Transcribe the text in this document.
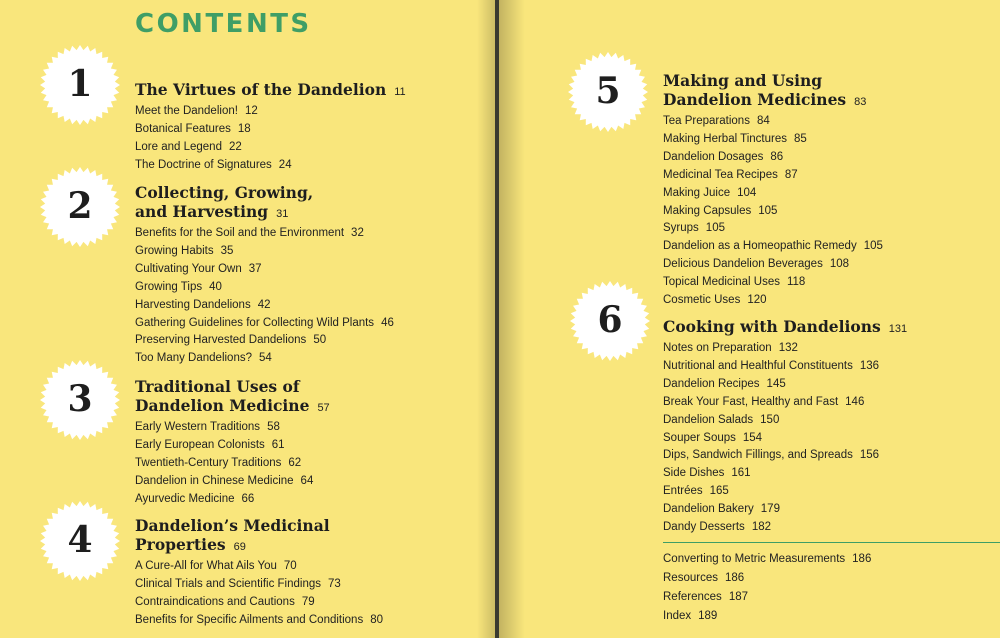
CONTENTS
Converting to Metric Measurements 186
Resources 186
References 187
Index 189
1	The Virtues of the Dandelion 11
Meet the Dandelion! 12
Botanical Features 18
Lore and Legend 22
The Doctrine of Signatures 24
2	Collecting, Growing,
and Harvesting 31
Benefits for the Soil and the Environment 32
Growing Habits 35
Cultivating Your Own 37
Growing Tips 40
Harvesting Dandelions 42
Gathering Guidelines for Collecting Wild Plants 46
Preserving Harvested Dandelions 50
Too Many Dandelions? 54
3	Traditional Uses of
Dandelion Medicine 57
Early Western Traditions 58
Early European Colonists 61
Twentieth-Century Traditions 62
Dandelion in Chinese Medicine 64
Ayurvedic Medicine 66
4	Dandelion’s Medicinal
Properties 69
A Cure-All for What Ails You 70
Clinical Trials and Scientific Findings 73
Contraindications and Cautions 79
Benefits for Specific Ailments and Conditions 80
5	Making and Using
Dandelion Medicines 83
Tea Preparations 84
Making Herbal Tinctures 85
Dandelion Dosages 86
Medicinal Tea Recipes 87
Making Juice 104
Making Capsules 105
Syrups 105
Dandelion as a Homeopathic Remedy 105
Delicious Dandelion Beverages 108
Topical Medicinal Uses 118
Cosmetic Uses 120
6	Cooking with Dandelions 131
Notes on Preparation 132
Nutritional and Healthful Constituents 136
Dandelion Recipes 145
Break Your Fast, Healthy and Fast 146
Dandelion Salads 150
Souper Soups 154
Dips, Sandwich Fillings, and Spreads 156
Side Dishes 161
Entrées 165
Dandelion Bakery 179
Dandy Desserts 182
